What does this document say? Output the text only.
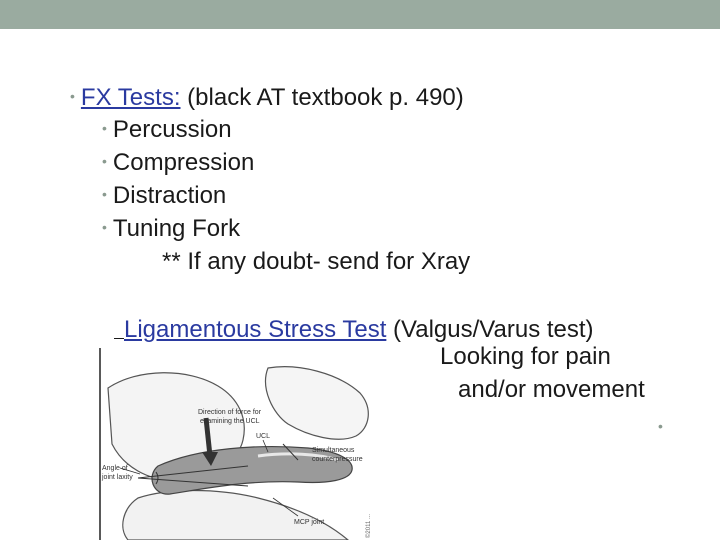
• FX Tests: (black AT textbook p. 490)
• Percussion
• Compression
• Distraction
• Tuning Fork
** If any doubt- send for Xray
Ligamentous Stress Test (Valgus/Varus test)
Looking for pain
and/or movement
•
Direction of force for
examining the UCL
UCL
Simultaneous
counterpressure
Angle of
joint laxity
MCP joint	©2011 ...
